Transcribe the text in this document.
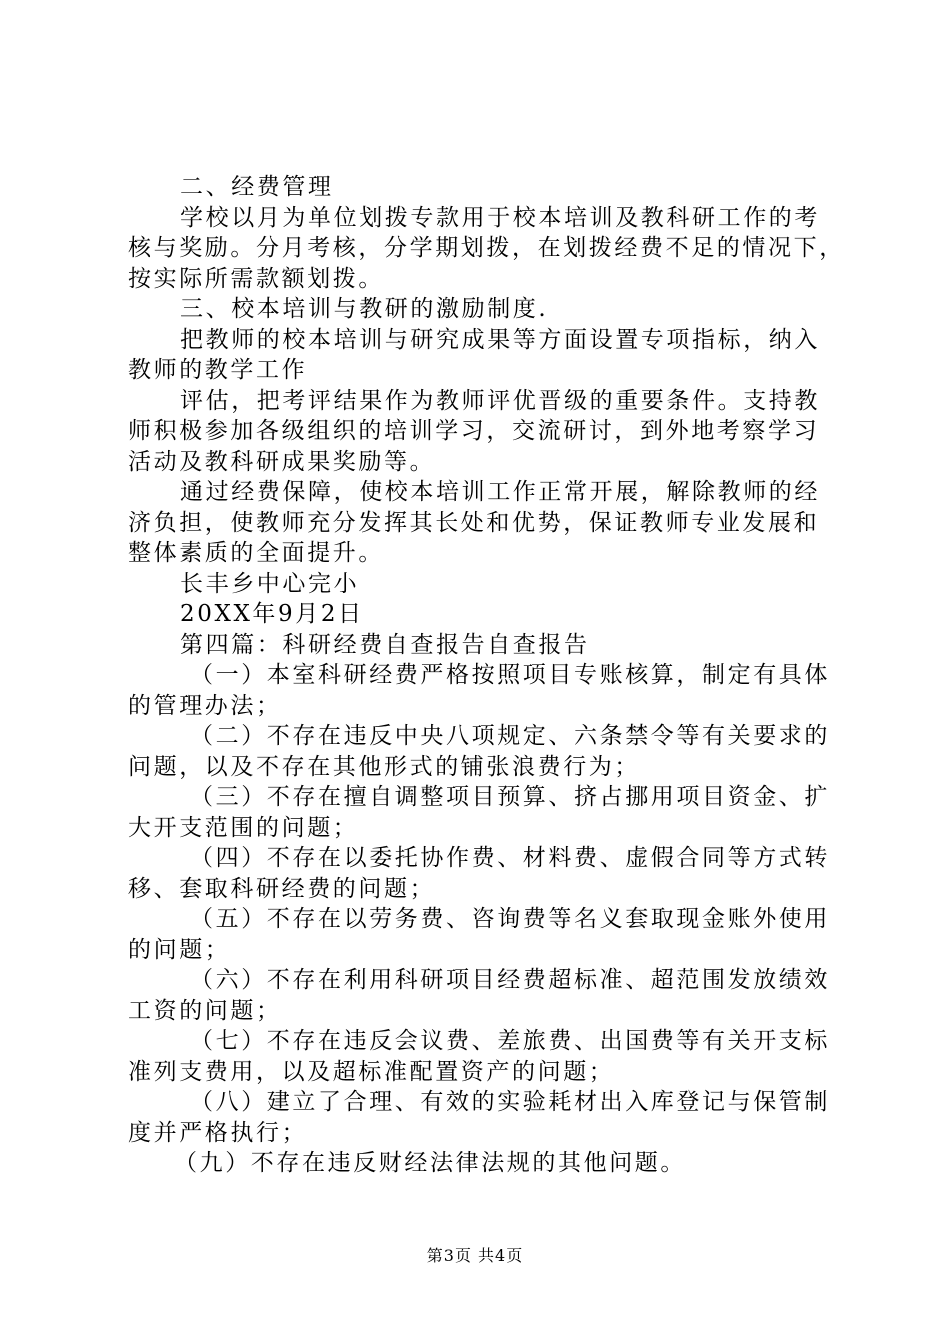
二、经费管理

学校以月为单位划拨专款用于校本培训及教科研工作的考

核与奖励。分月考核，分学期划拨，在划拨经费不足的情况下，

按实际所需款额划拨。

三、校本培训与教研的激励制度.

把教师的校本培训与研究成果等方面设置专项指标，纳入

教师的教学工作

评估，把考评结果作为教师评优晋级的重要条件。支持教

师积极参加各级组织的培训学习，交流研讨，到外地考察学习

活动及教科研成果奖励等。

通过经费保障，使校本培训工作正常开展，解除教师的经

济负担，使教师充分发挥其长处和优势，保证教师专业发展和

整体素质的全面提升。

长丰乡中心完小

20XX年9月2日

第四篇：科研经费自查报告自查报告

（一）本室科研经费严格按照项目专账核算，制定有具体

的管理办法；

（二）不存在违反中央八项规定、六条禁令等有关要求的

问题，以及不存在其他形式的铺张浪费行为；

（三）不存在擅自调整项目预算、挤占挪用项目资金、扩

大开支范围的问题；

（四）不存在以委托协作费、材料费、虚假合同等方式转

移、套取科研经费的问题；

（五）不存在以劳务费、咨询费等名义套取现金账外使用

的问题；

（六）不存在利用科研项目经费超标准、超范围发放绩效

工资的问题；

（七）不存在违反会议费、差旅费、出国费等有关开支标

准列支费用，以及超标准配置资产的问题；

（八）建立了合理、有效的实验耗材出入库登记与保管制

度并严格执行；

（九）不存在违反财经法律法规的其他问题。

第3页 共4页
